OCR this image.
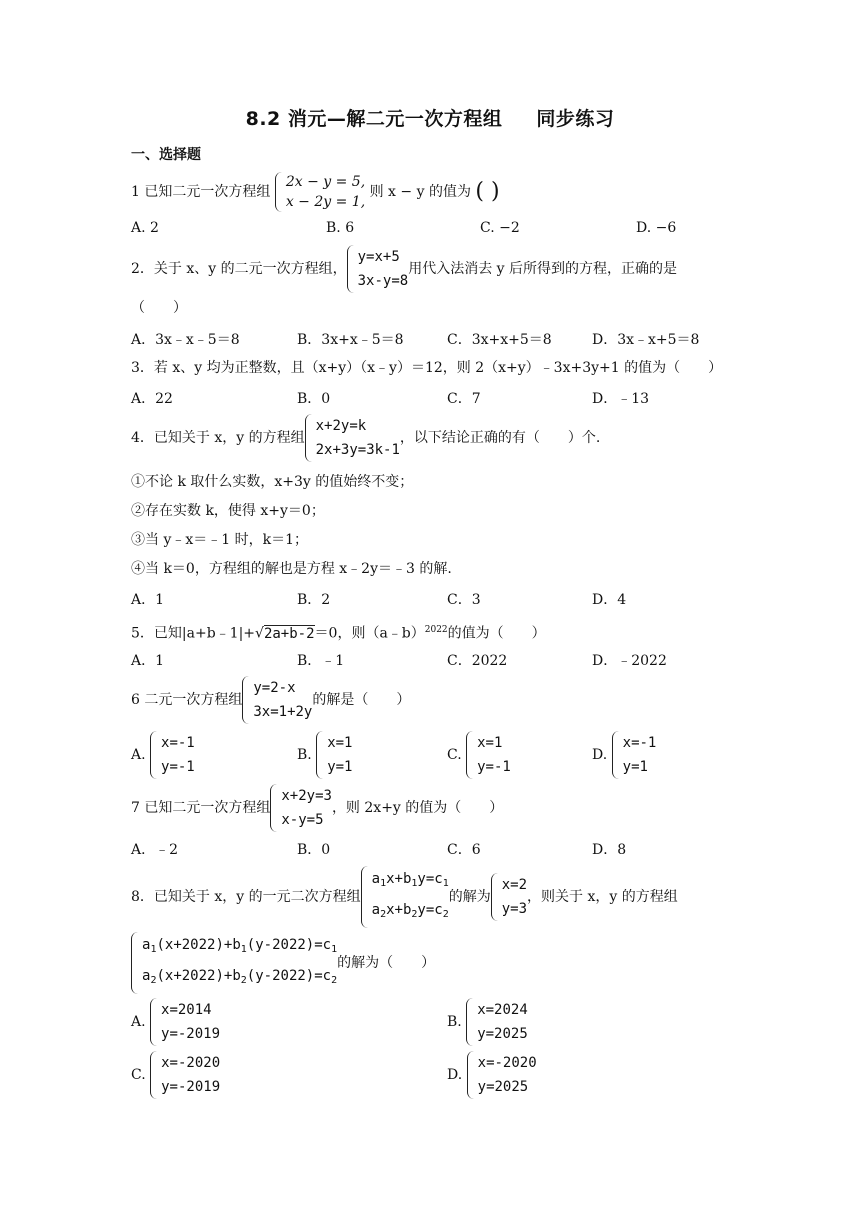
8.2 消元—解二元一次方程组 同步练习
一、选择题
1 已知二元一次方程组
2x − y = 5,
x − 2y = 1,
则 x − y 的值为 ( )
A. 2	B. 6	C. −2	D. −6
2．关于 x、y 的二元一次方程组，
y=x+5
3x-y=8
用代入法消去 y 后所得到的方程，正确的是
（　　）
A．3x﹣x﹣5＝8	B．3x+x﹣5＝8	C．3x+x+5＝8	D．3x﹣x+5＝8
3．若 x、y 均为正整数，且（x+y）（x﹣y）＝12，则 2（x+y）﹣3x+3y+1 的值为（　　）
A．22	B．0	C．7	D．﹣13
4．已知关于 x，y 的方程组
x+2y=k
2x+3y=3k-1
，以下结论正确的有（　　）个.
①不论 k 取什么实数，x+3y 的值始终不变；
②存在实数 k，使得 x+y＝0；
③当 y﹣x＝﹣1 时，k＝1；
④当 k＝0，方程组的解也是方程 x﹣2y＝﹣3 的解.
A．1	B．2	C．3	D．4
5．已知|a+b﹣1|+√2a+b-2＝0，则（a﹣b）$^{2022}$的值为（　　）
A．1	B．﹣1	C．2022	D．﹣2022
6 二元一次方程组
y=2-x
3x=1+2y
的解是（　　）
A.
x=-1
y=-1
B.
x=1
y=1
C.
x=1
y=-1
D.
x=-1
y=1
7 已知二元一次方程组
x+2y=3
x-y=5
，则 2x+y 的值为（　　）
A．﹣2	B．0	C．6	D．8
8．已知关于 x，y 的一元二次方程组
$a_1x+b_1y=c_1$
$a_2x+b_2y=c_2$
的解为
x=2
y=3
，则关于 x，y 的方程组
$a_1(x+2022)+b_1(y-2022)=c_1$
$a_2(x+2022)+b_2(y-2022)=c_2$
的解为（　　）
A.
x=2014
y=-2019
B.
x=2024
y=2025
C.
x=-2020
y=-2019
D.
x=-2020
y=2025
